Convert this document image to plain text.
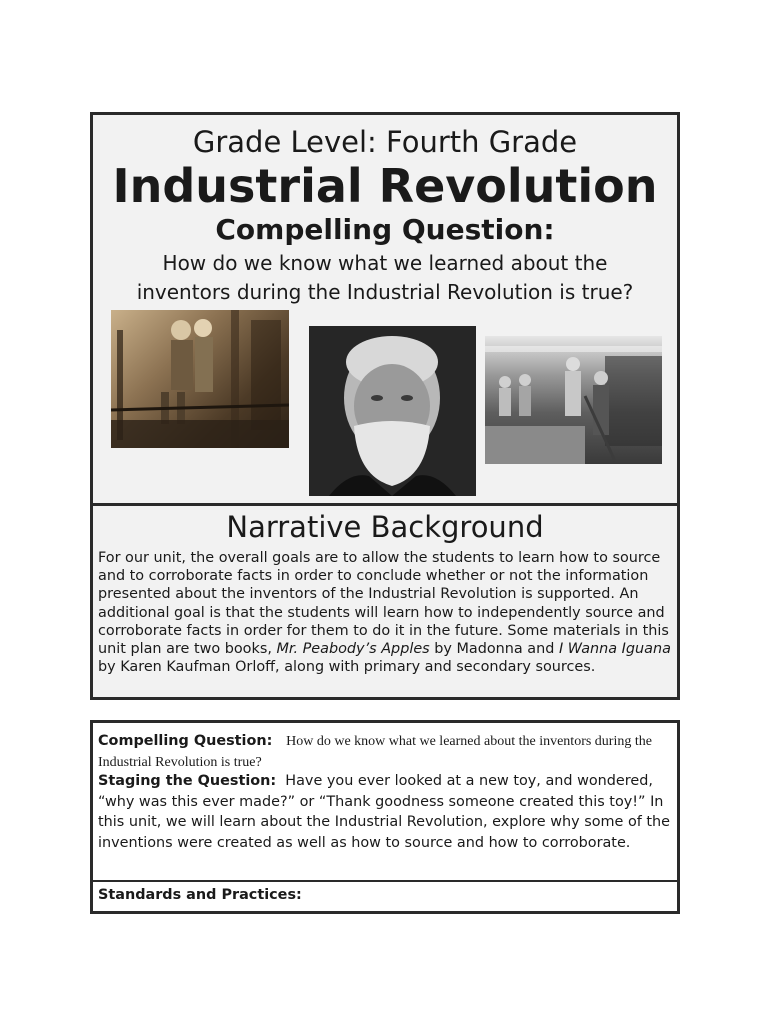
Grade Level: Fourth Grade
Industrial Revolution
Compelling Question:
How do we know what we learned about the
inventors during the Industrial Revolution is true?
Narrative Background
For our unit, the overall goals are to allow the students to learn how to source and to corroborate facts in order to conclude whether or not the information presented about the inventors of the Industrial Revolution is supported. An additional goal is that the students will learn how to independently source and corroborate facts in order for them to do it in the future. Some materials in this unit plan are two books, Mr. Peabody’s Apples by Madonna and I Wanna Iguana by Karen Kaufman Orloff, along with primary and secondary sources.
Compelling Question: How do we know what we learned about the inventors during the Industrial Revolution is true?
Staging the Question: Have you ever looked at a new toy, and wondered, “why was this ever made?” or “Thank goodness someone created this toy!” In this unit, we will learn about the Industrial Revolution, explore why some of the inventions were created as well as how to source and how to corroborate.
Standards and Practices:
